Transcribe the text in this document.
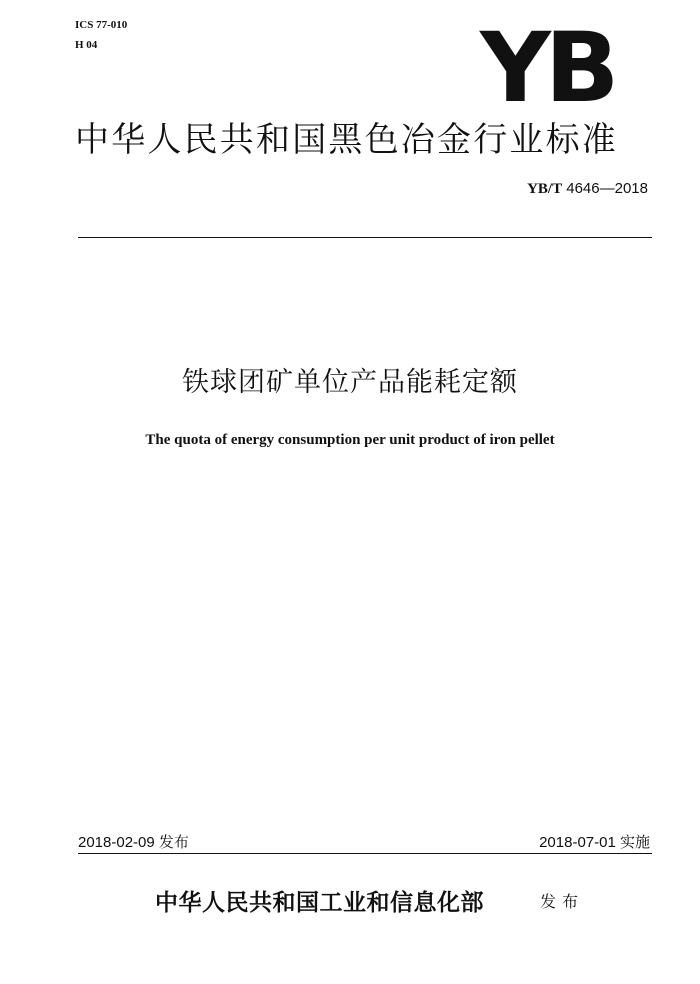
ICS 77-010
H 04	YB
中华人民共和国黑色冶金行业标准
YB/T 4646—2018
铁球团矿单位产品能耗定额
The quota of energy consumption per unit product of iron pellet
2018-02-09 发布	2018-07-01 实施
中华人民共和国工业和信息化部	发布
